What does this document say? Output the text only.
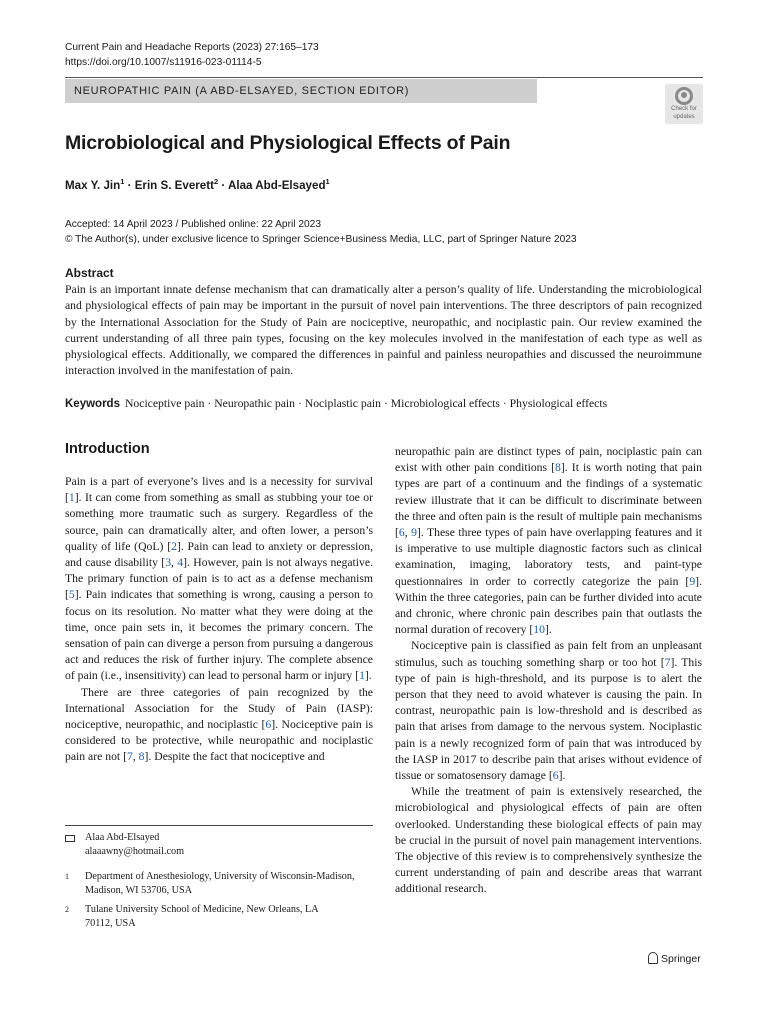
Current Pain and Headache Reports (2023) 27:165–173
https://doi.org/10.1007/s11916-023-01114-5
NEUROPATHIC PAIN (A ABD-ELSAYED, SECTION EDITOR)
Check for
updates
Microbiological and Physiological Effects of Pain
Max Y. Jin$^1$ · Erin S. Everett$^2$ · Alaa Abd-Elsayed$^1$
Accepted: 14 April 2023 / Published online: 22 April 2023
© The Author(s), under exclusive licence to Springer Science+Business Media, LLC, part of Springer Nature 2023
Abstract
Pain is an important innate defense mechanism that can dramatically alter a person’s quality of life. Understanding the microbiological and physiological effects of pain may be important in the pursuit of novel pain interventions. The three descriptors of pain recognized by the International Association for the Study of Pain are nociceptive, neuropathic, and nociplastic pain. Our review examined the current understanding of all three pain types, focusing on the key molecules involved in the manifestation of each type as well as physiological effects. Additionally, we compared the differences in painful and painless neuropathies and discussed the neuroimmune interaction involved in the manifestation of pain.
Keywords Nociceptive pain · Neuropathic pain · Nociplastic pain · Microbiological effects · Physiological effects
Introduction

Pain is a part of everyone’s lives and is a necessity for survival [1]. It can come from something as small as stubbing your toe or something more traumatic such as surgery. Regardless of the source, pain can dramatically alter, and often lower, a person’s quality of life (QoL) [2]. Pain can lead to anxiety or depression, and cause disability [3, 4]. However, pain is not always negative. The primary function of pain is to act as a defense mechanism [5]. Pain indicates that something is wrong, causing a person to focus on its resolution. No matter what they were doing at the time, once pain sets in, it becomes the primary concern. The sensation of pain can diverge a person from pursuing a dangerous act and reduces the risk of further injury. The complete absence of pain (i.e., insensitivity) can lead to personal harm or injury [1].

There are three categories of pain recognized by the International Association for the Study of Pain (IASP): nociceptive, neuropathic, and nociplastic [6]. Nociceptive pain is considered to be protective, while neuropathic and nociplastic pain are not [7, 8]. Despite the fact that nociceptive and

neuropathic pain are distinct types of pain, nociplastic pain can exist with other pain conditions [8]. It is worth noting that pain types are part of a continuum and the findings of a systematic review illustrate that it can be difficult to discriminate between the three and often pain is the result of multiple pain mechanisms [6, 9]. These three types of pain have overlapping features and it is imperative to use multiple diagnostic factors such as clinical examination, imaging, laboratory tests, and paint-type questionnaires in order to correctly categorize the pain [9]. Within the three categories, pain can be further divided into acute and chronic, where chronic pain describes pain that outlasts the normal duration of recovery [10].

Nociceptive pain is classified as pain felt from an unpleasant stimulus, such as touching something sharp or too hot [7]. This type of pain is high-threshold, and its purpose is to alert the person that they need to avoid whatever is causing the pain. In contrast, neuropathic pain is low-threshold and is described as pain that arises from damage to the nervous system. Nociplastic pain is a newly recognized form of pain that was introduced by the IASP in 2017 to describe pain that arises without evidence of tissue or somatosensory damage [6].

While the treatment of pain is extensively researched, the microbiological and physiological effects of pain are often overlooked. Understanding these biological effects of pain may be crucial in the pursuit of novel pain management interventions. The objective of this review is to comprehensively synthesize the current understanding of pain and describe areas that warrant additional research.

Alaa Abd-Elsayed
alaaawny@hotmail.com
1 Department of Anesthesiology, University of Wisconsin-Madison, Madison, WI 53706, USA
2 Tulane University School of Medicine, New Orleans, LA 70112, USA
Springer
